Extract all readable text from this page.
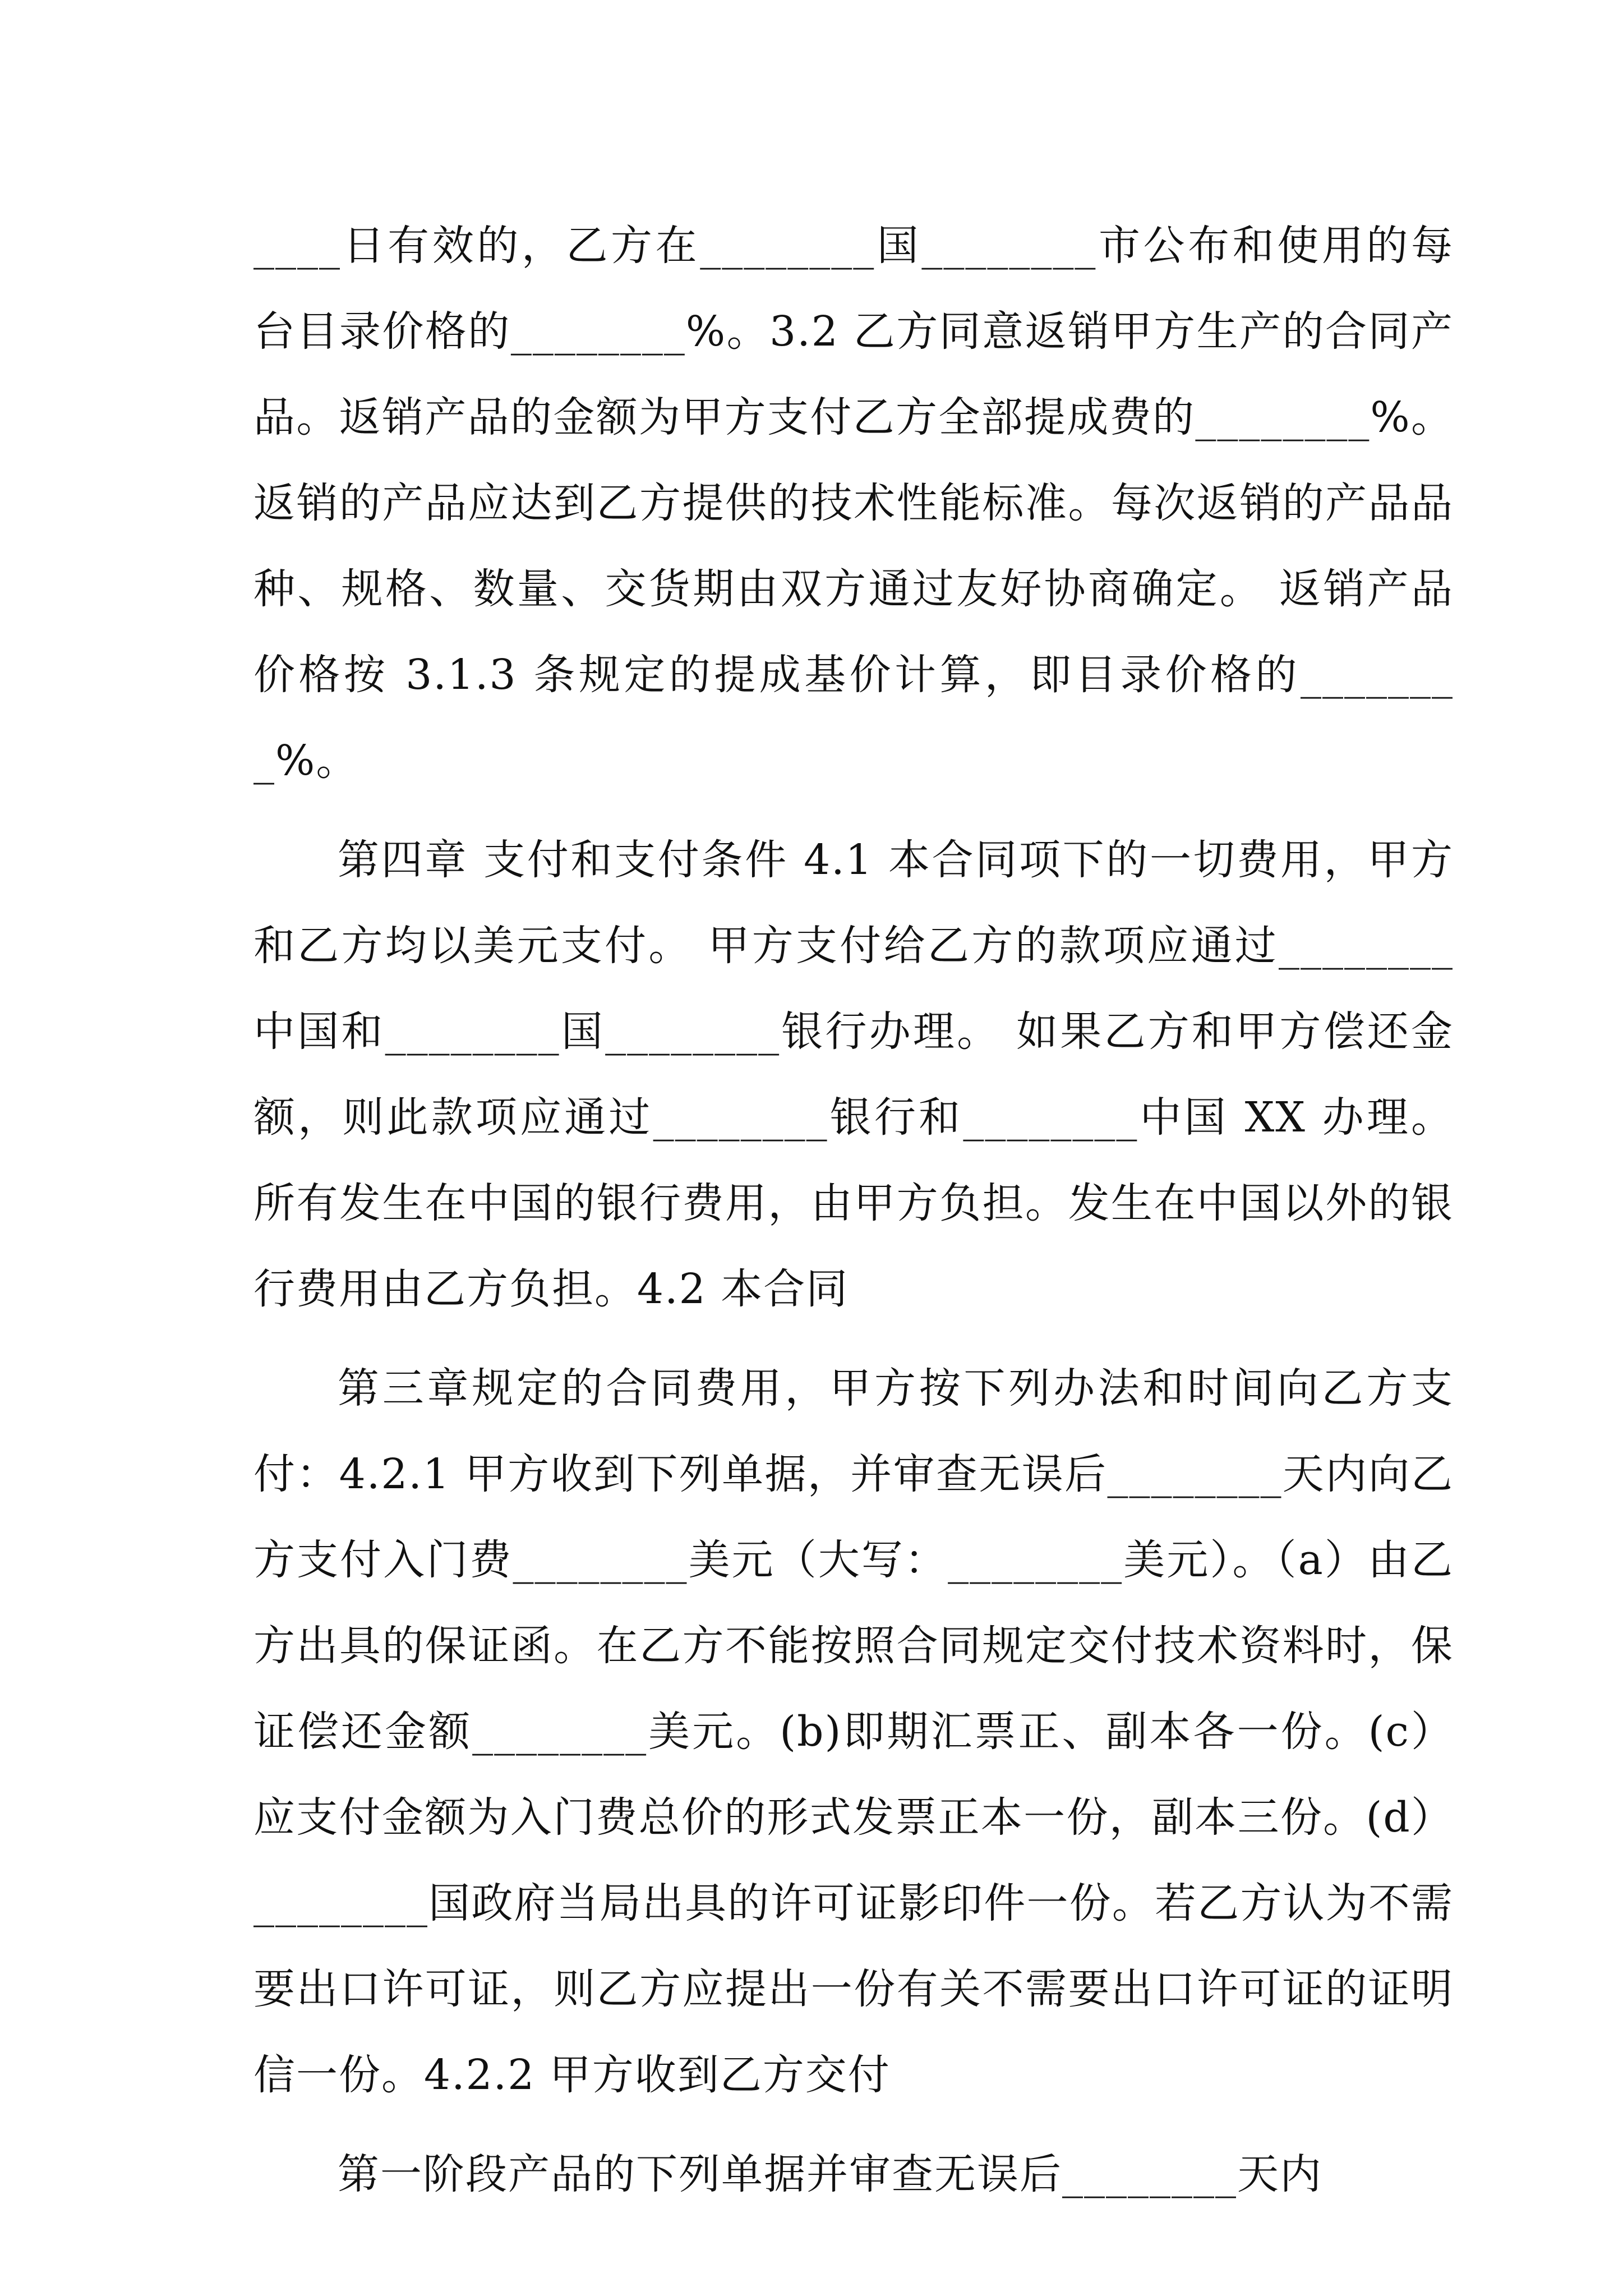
____日有效的，乙方在________国________市公布和使用的每台目录价格的________%。3.2 乙方同意返销甲方生产的合同产品。返销产品的金额为甲方支付乙方全部提成费的________%。返销的产品应达到乙方提供的技术性能标准。每次返销的产品品种、规格、数量、交货期由双方通过友好协商确定。 返销产品价格按 3.1.3 条规定的提成基价计算，即目录价格的________%。

第四章 支付和支付条件 4.1 本合同项下的一切费用，甲方和乙方均以美元支付。 甲方支付给乙方的款项应通过________中国和________国________银行办理。 如果乙方和甲方偿还金额，则此款项应通过________银行和________中国 XX 办理。 所有发生在中国的银行费用，由甲方负担。发生在中国以外的银行费用由乙方负担。4.2 本合同

第三章规定的合同费用，甲方按下列办法和时间向乙方支付：4.2.1 甲方收到下列单据，并审查无误后________天内向乙方支付入门费________美元（大写：________美元）。（a）由乙方出具的保证函。在乙方不能按照合同规定交付技术资料时，保证偿还金额________美元。(b)即期汇票正、副本各一份。(c）应支付金额为入门费总价的形式发票正本一份，副本三份。(d）________国政府当局出具的许可证影印件一份。若乙方认为不需要出口许可证，则乙方应提出一份有关不需要出口许可证的证明信一份。4.2.2 甲方收到乙方交付

第一阶段产品的下列单据并审查无误后________天内
